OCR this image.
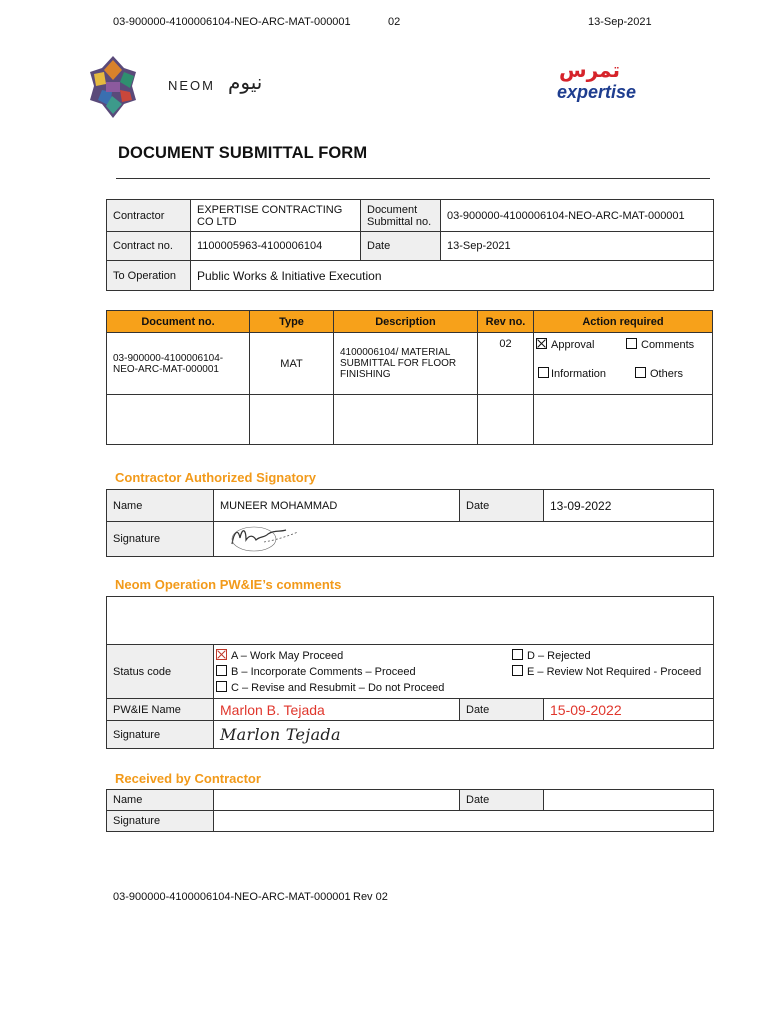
03-900000-4100006104-NEO-ARC-MAT-000001	02	13-Sep-2021
NEOM نيوم	تمرس
expertise
DOCUMENT SUBMITTAL FORM
Contractor	EXPERTISE CONTRACTING CO LTD	Document Submittal no.	03-900000-4100006104-NEO-ARC-MAT-000001
Contract no.	1100005963-4100006104	Date	13-Sep-2021
To Operation	Public Works & Initiative Execution		
Document no.	Type	Description	Rev no.	Action required
03-900000-4100006104-NEO-ARC-MAT-000001	MAT	4100006104/ MATERIAL SUBMITTAL FOR FLOOR FINISHING	02	Approval Comments
Information Others

Contractor Authorized Signatory
Name	MUNEER MOHAMMAD	Date	13-09-2022
Signature	
Neom Operation PW&IE’s comments

Status code	A – Work May Proceed
B – Incorporate Comments – Proceed
C – Revise and Resubmit – Do not Proceed
D – Rejected
E – Review Not Required - Proceed		

PW&IE Name	Marlon B. Tejada	Date	15-09-2022
Signature	Marlon Tejada		
Received by Contractor
Name		Date	
Signature			
03-900000-4100006104-NEO-ARC-MAT-000001 Rev 02
